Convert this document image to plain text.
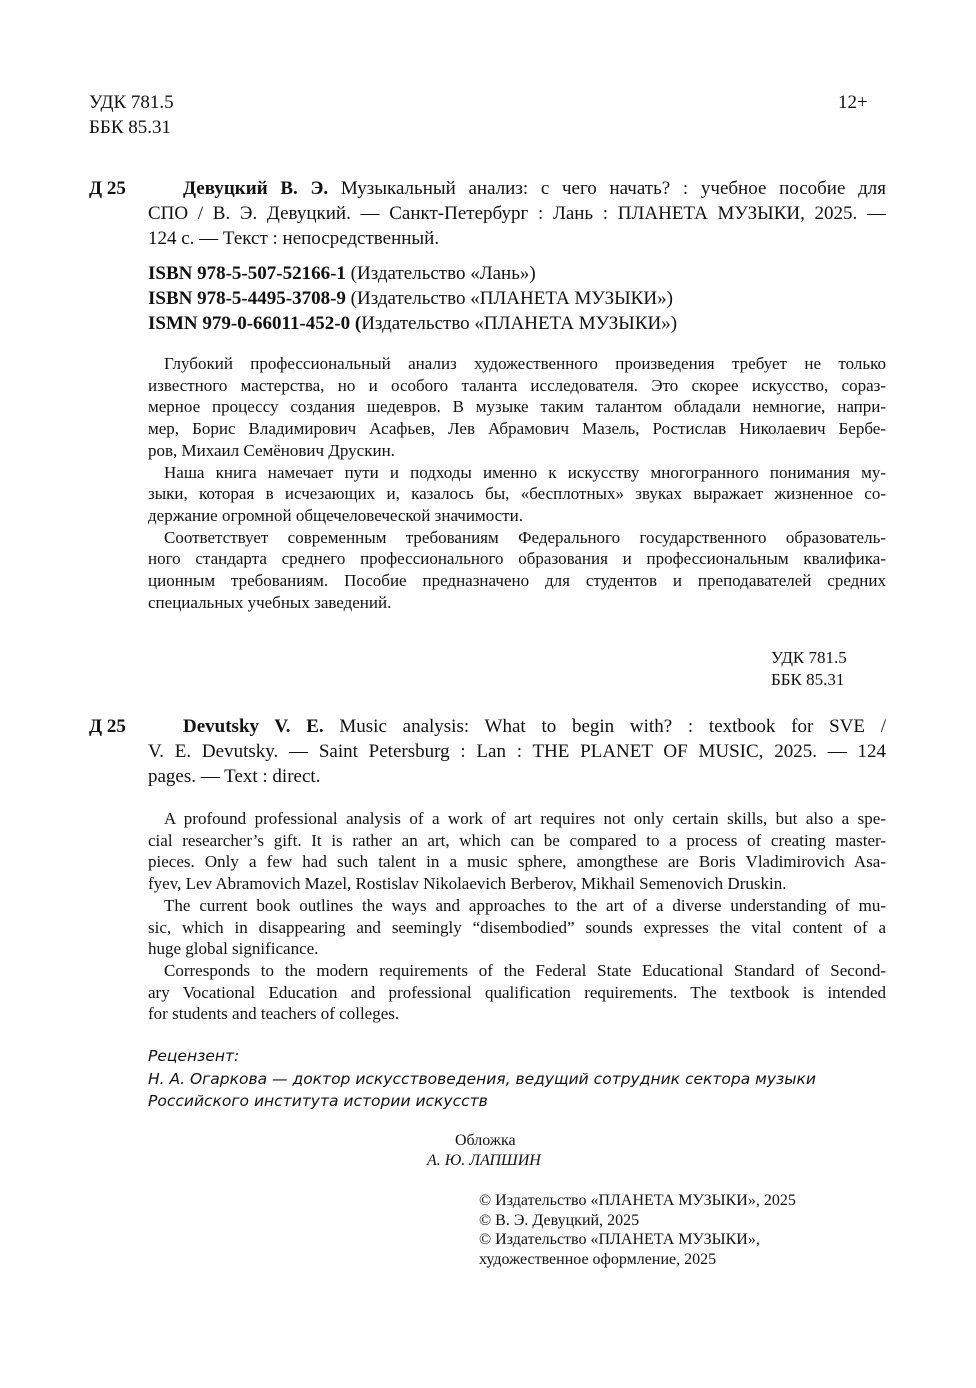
УДК 781.5
ББК 85.31
12+
Д 25	Девуцкий В. Э. Музыкальный анализ: с чего начать? : учебное пособие для
СПО / В. Э. Девуцкий. — Санкт-Петербург : Лань : ПЛАНЕТА МУЗЫКИ, 2025. —
124 с. — Текст : непосредственный.
ISBN 978-5-507-52166-1 (Издательство «Лань»)
ISBN 978-5-4495-3708-9 (Издательство «ПЛАНЕТА МУЗЫКИ»)
ISMN 979-0-66011-452-0 (Издательство «ПЛАНЕТА МУЗЫКИ»)
Глубокий профессиональный анализ художественного произведения требует не только
известного мастерства, но и особого таланта исследователя. Это скорее искусство, сораз-
мерное процессу создания шедевров. В музыке таким талантом обладали немногие, напри-
мер, Борис Владимирович Асафьев, Лев Абрамович Мазель, Ростислав Николаевич Бербе-
ров, Михаил Семёнович Друскин.
Наша книга намечает пути и подходы именно к искусству многогранного понимания му-
зыки, которая в исчезающих и, казалось бы, «бесплотных» звуках выражает жизненное со-
держание огромной общечеловеческой значимости.
Соответствует современным требованиям Федерального государственного образователь-
ного стандарта среднего профессионального образования и профессиональным квалифика-
ционным требованиям. Пособие предназначено для студентов и преподавателей средних
специальных учебных заведений.
УДК 781.5
ББК 85.31
Д 25	Devutsky V. E. Music analysis: What to begin with? : textbook for SVE /
V. E. Devutsky. — Saint Petersburg : Lan : THE PLANET OF MUSIC, 2025. — 124
pages. — Text : direct.
A profound professional analysis of a work of art requires not only certain skills, but also a spe-
cial researcher’s gift. It is rather an art, which can be compared to a process of creating master-
pieces. Only a few had such talent in a music sphere, amongthese are Boris Vladimirovich Asa-
fyev, Lev Abramovich Mazel, Rostislav Nikolaevich Berberov, Mikhail Semenovich Druskin.
The current book outlines the ways and approaches to the art of a diverse understanding of mu-
sic, which in disappearing and seemingly “disembodied” sounds expresses the vital content of a
huge global significance.
Corresponds to the modern requirements of the Federal State Educational Standard of Second-
ary Vocational Education and professional qualification requirements. The textbook is intended
for students and teachers of colleges.
Рецензент:
Н. А. Огаркова — доктор искусствоведения, ведущий сотрудник сектора музыки
Российского института истории искусств
Обложка
А. Ю. ЛАПШИН
© Издательство «ПЛАНЕТА МУЗЫКИ», 2025
© В. Э. Девуцкий, 2025
© Издательство «ПЛАНЕТА МУЗЫКИ»,
художественное оформление, 2025
